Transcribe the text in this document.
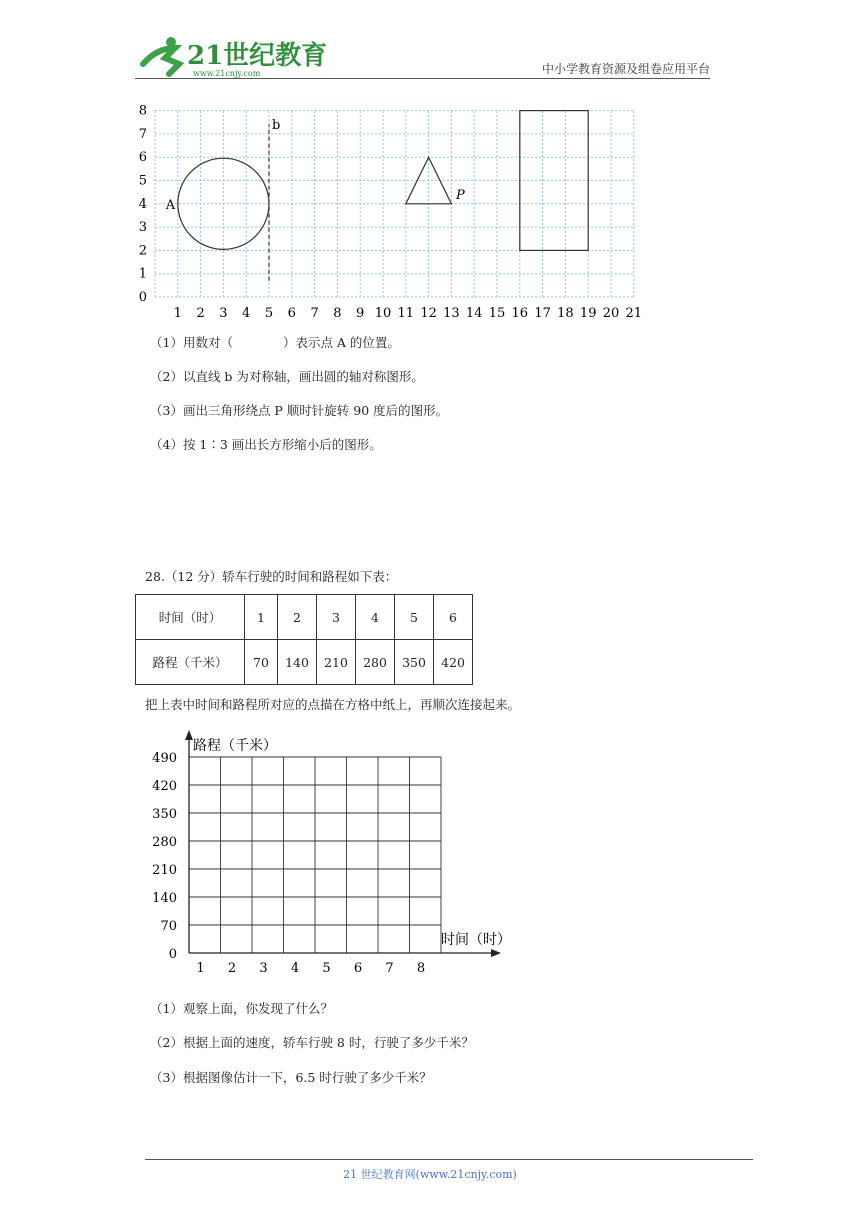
21世纪教育
www.21cnjy.com	中小学教育资源及组卷应用平台
1 2 3 4 5 6 7 8 9 10 11 12 13 14 15 16 17 18 19 20 21
0
1
2
3
4
5
6
7
8
A
b
P
（1）用数对（　　　　）表示点 A 的位置。
（2）以直线 b 为对称轴，画出圆的轴对称图形。
（3）画出三角形绕点 P 顺时针旋转 90 度后的图形。
（4）按 1∶3 画出长方形缩小后的图形。
28.（12 分）轿车行驶的时间和路程如下表：
时间（时）	1	2	3	4	5	6
路程（千米）	70	140	210	280	350	420
把上表中时间和路程所对应的点描在方格中纸上，再顺次连接起来。
0
70
140
210
280
350
420
490
1 2 3 4 5 6 7 8
路程（千米）
时间（时）
（1）观察上面，你发现了什么？
（2）根据上面的速度，轿车行驶 8 时，行驶了多少千米？
（3）根据图像估计一下，6.5 时行驶了多少千米？
21 世纪教育网(www.21cnjy.com)
